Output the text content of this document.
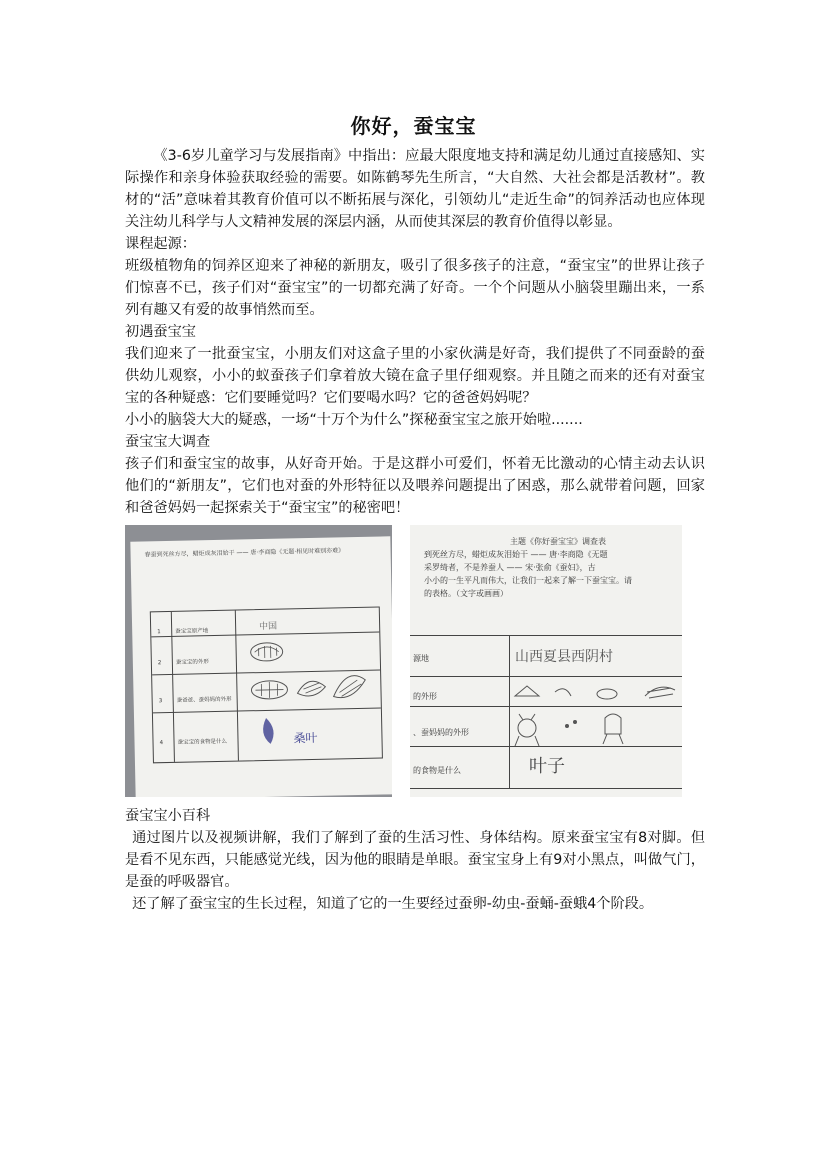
你好，蚕宝宝

《3-6岁儿童学习与发展指南》中指出：应最大限度地支持和满足幼儿通过直接感知、实际操作和亲身体验获取经验的需要。如陈鹤琴先生所言，“大自然、大社会都是活教材”。教材的“活”意味着其教育价值可以不断拓展与深化，引领幼儿“走近生命”的饲养活动也应体现关注幼儿科学与人文精神发展的深层内涵，从而使其深层的教育价值得以彰显。

课程起源：

班级植物角的饲养区迎来了神秘的新朋友，吸引了很多孩子的注意，“蚕宝宝”的世界让孩子们惊喜不已，孩子们对“蚕宝宝”的一切都充满了好奇。一个个问题从小脑袋里蹦出来，一系列有趣又有爱的故事悄然而至。

初遇蚕宝宝

我们迎来了一批蚕宝宝，小朋友们对这盒子里的小家伙满是好奇，我们提供了不同蚕龄的蚕供幼儿观察，小小的蚁蚕孩子们拿着放大镜在盒子里仔细观察。并且随之而来的还有对蚕宝宝的各种疑惑：它们要睡觉吗？它们要喝水吗？它的爸爸妈妈呢？

小小的脑袋大大的疑惑，一场“十万个为什么”探秘蚕宝宝之旅开始啦.......

蚕宝宝大调查

孩子们和蚕宝宝的故事，从好奇开始。于是这群小可爱们，怀着无比激动的心情主动去认识他们的“新朋友”，它们也对蚕的外形特征以及喂养问题提出了困惑，那么就带着问题，回家和爸爸妈妈一起探索关于“蚕宝宝”的秘密吧！

春蚕到死丝方尽，蜡炬成灰泪始干 —— 唐·李商隐《无题·相见时难别亦难》
1
2
3
4
蚕宝宝原产地
蚕宝宝的外形
蚕爸爸、蚕妈妈的外形
蚕宝宝的食物是什么
中国
桑叶
主题《你好蚕宝宝》调查表
到死丝方尽，蜡炬成灰泪始干 —— 唐·李商隐《无题
采罗绮者，不是养蚕人 —— 宋·张俞《蚕妇》，古
小小的一生平凡而伟大，让我们一起来了解一下蚕宝宝。请
的表格。（文字或画画）
源地
的外形
、蚕妈妈的外形
的食物是什么
山西夏县西阴村
叶子

蚕宝宝小百科

通过图片以及视频讲解，我们了解到了蚕的生活习性、身体结构。原来蚕宝宝有8对脚。但是看不见东西，只能感觉光线，因为他的眼睛是单眼。蚕宝宝身上有9对小黑点，叫做气门，是蚕的呼吸器官。

还了解了蚕宝宝的生长过程，知道了它的一生要经过蚕卵-幼虫-蚕蛹-蚕蛾4个阶段。
